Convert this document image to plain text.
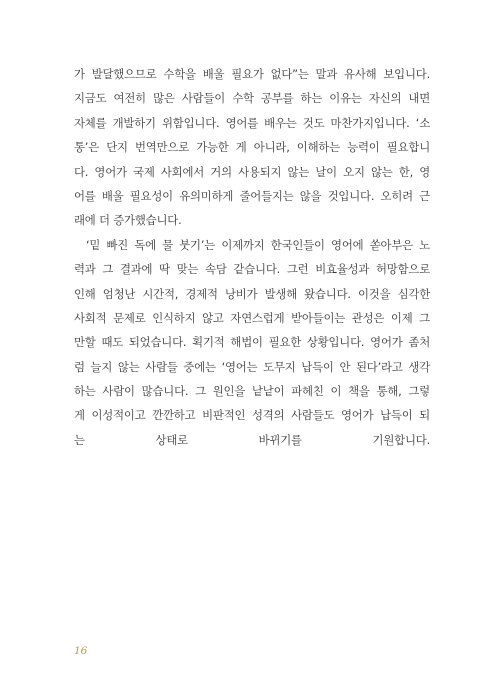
가 발달했으므로 수학을 배울 필요가 없다”는 말과 유사해 보입니다.
지금도 여전히 많은 사람들이 수학 공부를 하는 이유는 자신의 내면
자체를 개발하기 위함입니다. 영어를 배우는 것도 마찬가지입니다. ‘소
통’은 단지 번역만으로 가능한 게 아니라, 이해하는 능력이 필요합니
다. 영어가 국제 사회에서 거의 사용되지 않는 날이 오지 않는 한, 영
어를 배울 필요성이 유의미하게 줄어들지는 않을 것입니다. 오히려 근
래에 더 증가했습니다.
‘밑 빠진 독에 물 붓기’는 이제까지 한국인들이 영어에 쏟아부은 노
력과 그 결과에 딱 맞는 속담 같습니다. 그런 비효율성과 허망함으로
인해 엄청난 시간적, 경제적 낭비가 발생해 왔습니다. 이것을 심각한
사회적 문제로 인식하지 않고 자연스럽게 받아들이는 관성은 이제 그
만할 때도 되었습니다. 획기적 해법이 필요한 상황입니다. 영어가 좀처
럼 늘지 않는 사람들 중에는 ‘영어는 도무지 납득이 안 된다’라고 생각
하는 사람이 많습니다. 그 원인을 낱낱이 파헤친 이 책을 통해, 그렇
게 이성적이고 깐깐하고 비판적인 성격의 사람들도 영어가 납득이 되
는 상태로 바뀌기를 기원합니다.
16
